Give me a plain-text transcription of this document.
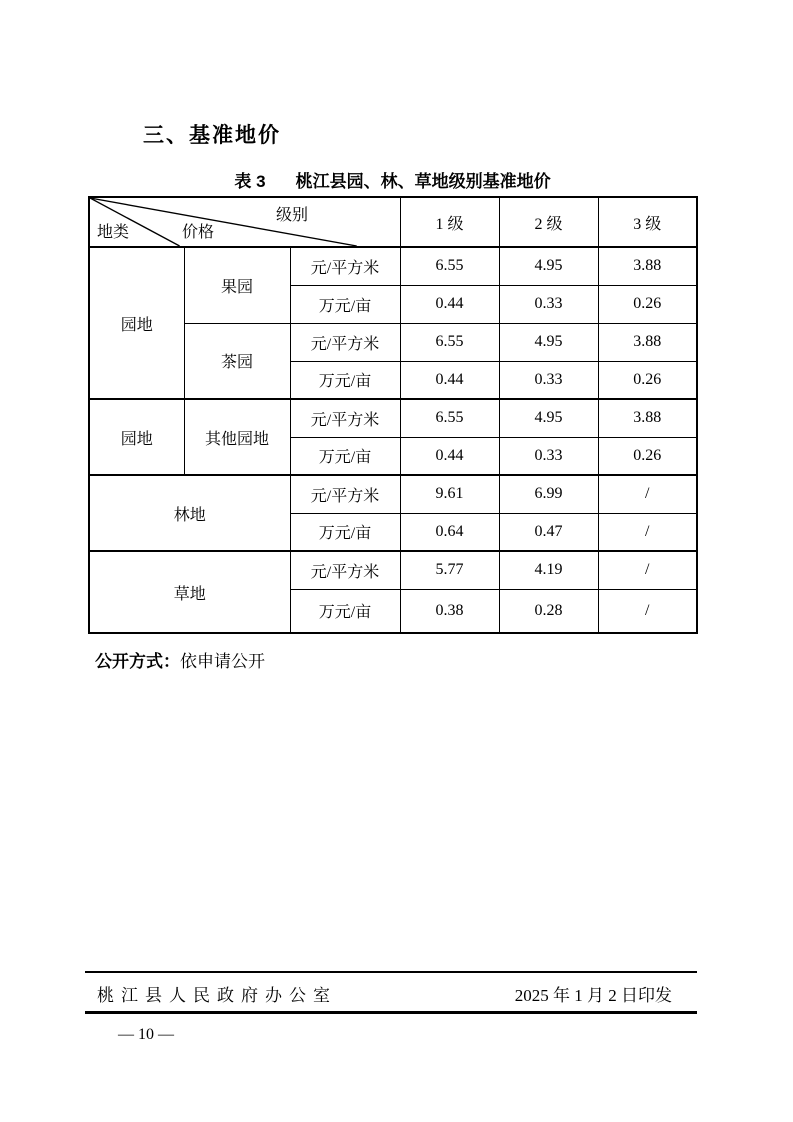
三、基准地价
表 3 桃江县园、林、草地级别基准地价
级别
价格
地类			1 级	2 级	3 级
园地	果园	元/平方米	6.55	4.95	3.88
		万元/亩	0.44	0.33	0.26
	茶园	元/平方米	6.55	4.95	3.88
		万元/亩	0.44	0.33	0.26
园地	其他园地	元/平方米	6.55	4.95	3.88
		万元/亩	0.44	0.33	0.26
林地		元/平方米	9.61	6.99	/
		万元/亩	0.64	0.47	/
草地		元/平方米	5.77	4.19	/
		万元/亩	0.38	0.28	/
公开方式：依申请公开
桃江县人民政府办公室	2025 年 1 月 2 日印发
— 10 —
